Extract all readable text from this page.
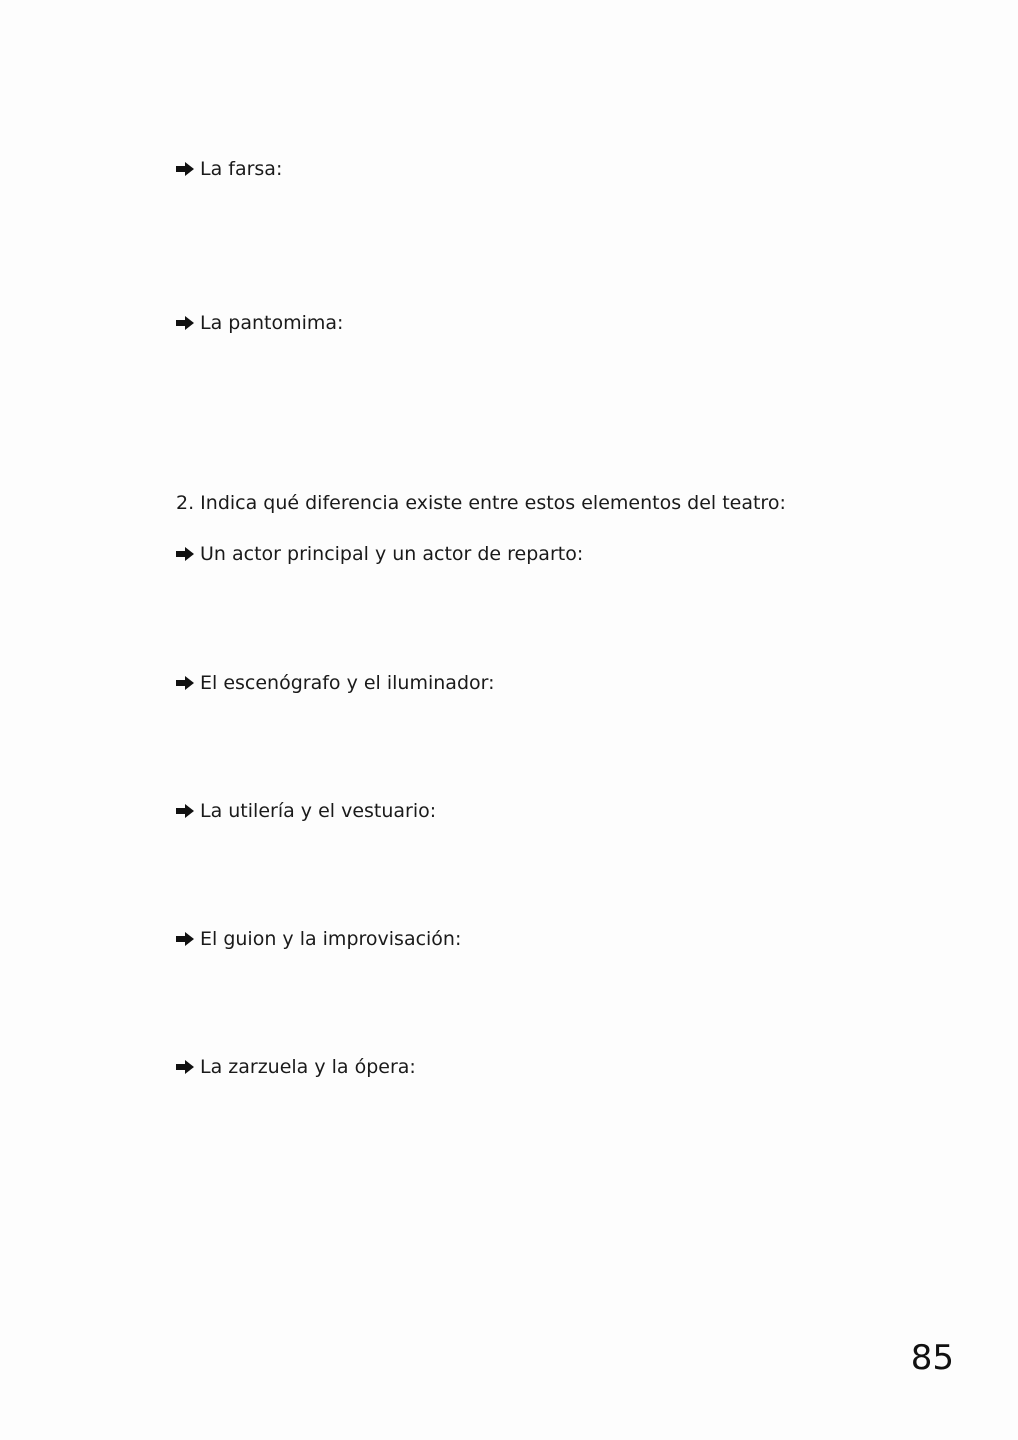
La farsa:
La pantomima:
2. Indica qué diferencia existe entre estos elementos del teatro:
Un actor principal y un actor de reparto:
El escenógrafo y el iluminador:
La utilería y el vestuario:
El guion y la improvisación:
La zarzuela y la ópera:
85
